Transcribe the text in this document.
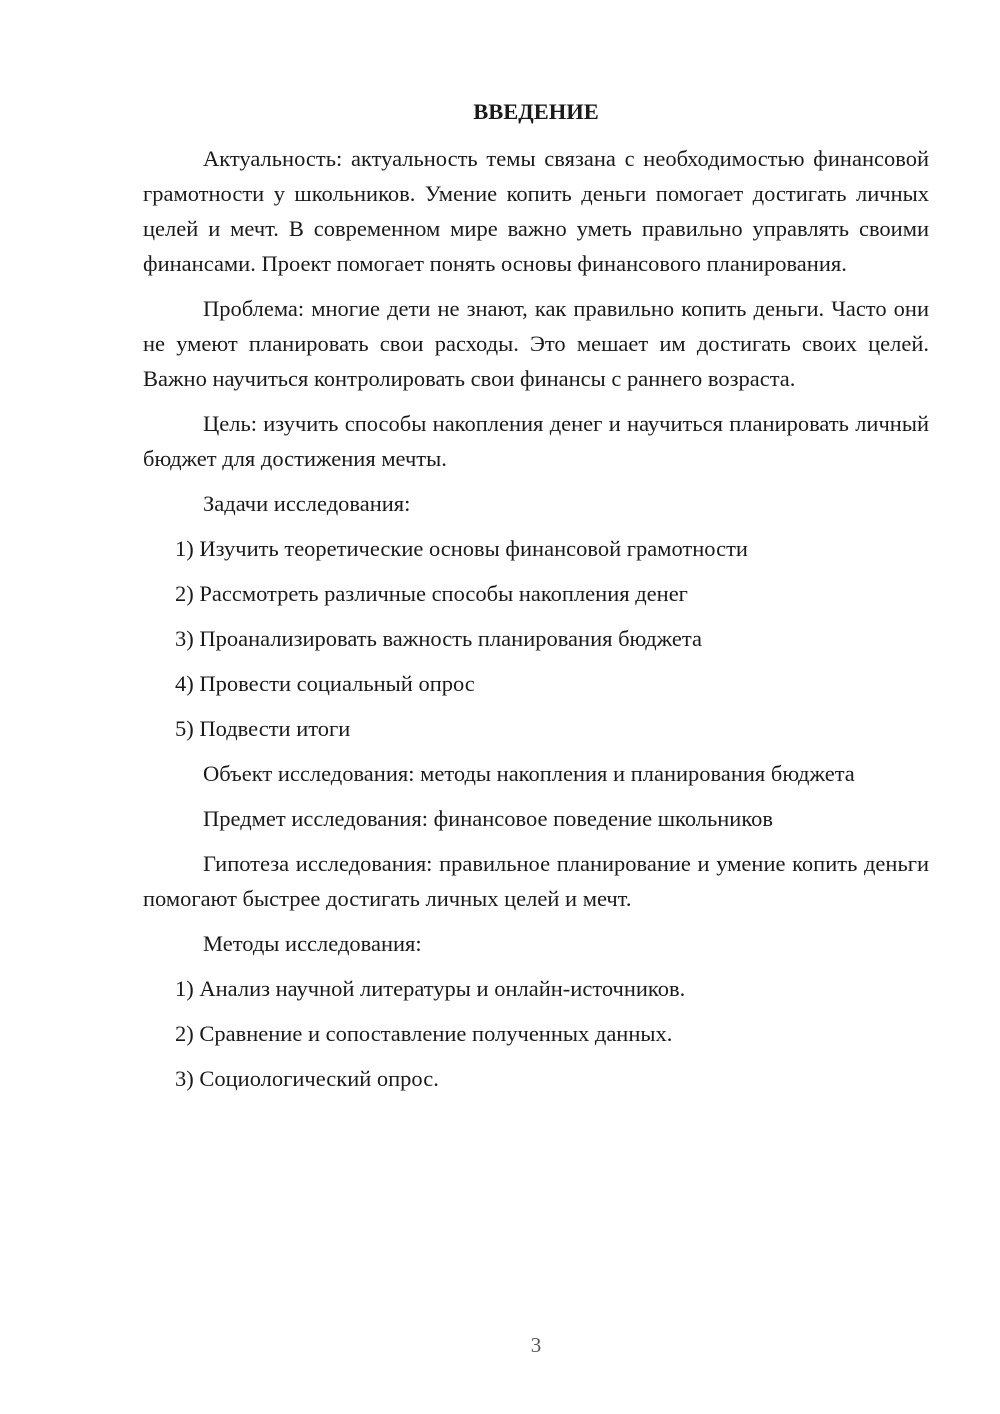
ВВЕДЕНИЕ

Актуальность: актуальность темы связана с необходимостью финансовой грамотности у школьников. Умение копить деньги помогает достигать личных целей и мечт. В современном мире важно уметь правильно управлять своими финансами. Проект помогает понять основы финансового планирования.

Проблема: многие дети не знают, как правильно копить деньги. Часто они не умеют планировать свои расходы. Это мешает им достигать своих целей. Важно научиться контролировать свои финансы с раннего возраста.

Цель: изучить способы накопления денег и научиться планировать личный бюджет для достижения мечты.

Задачи исследования:

1) Изучить теоретические основы финансовой грамотности

2) Рассмотреть различные способы накопления денег

3) Проанализировать важность планирования бюджета

4) Провести социальный опрос

5) Подвести итоги

Объект исследования: методы накопления и планирования бюджета

Предмет исследования: финансовое поведение школьников

Гипотеза исследования: правильное планирование и умение копить деньги помогают быстрее достигать личных целей и мечт.

Методы исследования:

1) Анализ научной литературы и онлайн-источников.

2) Сравнение и сопоставление полученных данных.

3) Социологический опрос.

3
